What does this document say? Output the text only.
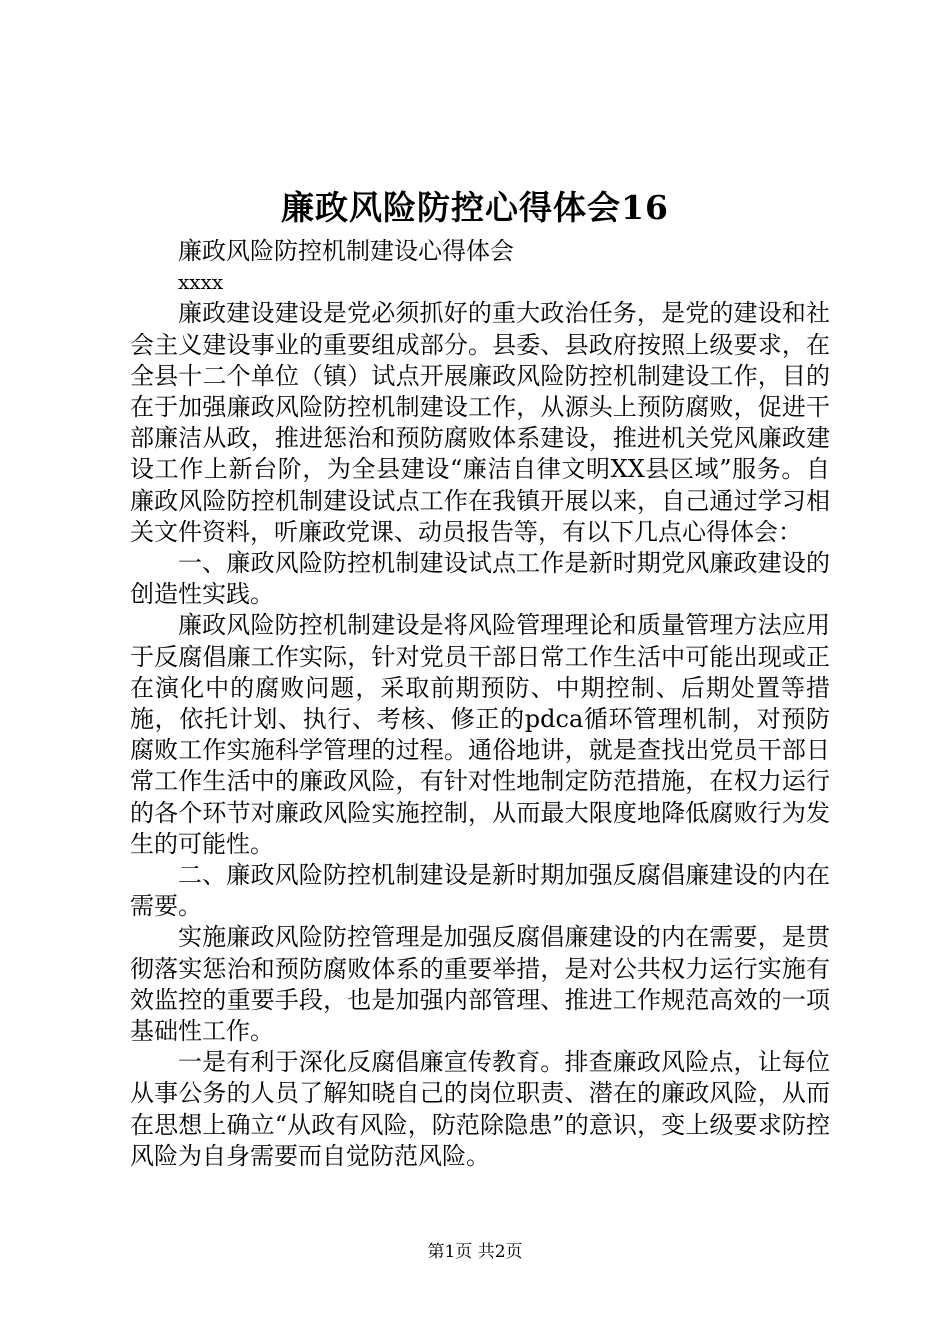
廉政风险防控心得体会16

廉政风险防控机制建设心得体会

xxxx

廉政建设建设是党必须抓好的重大政治任务，是党的建设和社会主义建设事业的重要组成部分。县委、县政府按照上级要求，在全县十二个单位（镇）试点开展廉政风险防控机制建设工作，目的在于加强廉政风险防控机制建设工作，从源头上预防腐败，促进干部廉洁从政，推进惩治和预防腐败体系建设，推进机关党风廉政建设工作上新台阶，为全县建设“廉洁自律文明XX县区域”服务。自廉政风险防控机制建设试点工作在我镇开展以来，自己通过学习相关文件资料，听廉政党课、动员报告等，有以下几点心得体会：

一、廉政风险防控机制建设试点工作是新时期党风廉政建设的创造性实践。

廉政风险防控机制建设是将风险管理理论和质量管理方法应用于反腐倡廉工作实际，针对党员干部日常工作生活中可能出现或正在演化中的腐败问题，采取前期预防、中期控制、后期处置等措施，依托计划、执行、考核、修正的pdca循环管理机制，对预防腐败工作实施科学管理的过程。通俗地讲，就是查找出党员干部日常工作生活中的廉政风险，有针对性地制定防范措施，在权力运行的各个环节对廉政风险实施控制，从而最大限度地降低腐败行为发生的可能性。

二、廉政风险防控机制建设是新时期加强反腐倡廉建设的内在需要。

实施廉政风险防控管理是加强反腐倡廉建设的内在需要，是贯彻落实惩治和预防腐败体系的重要举措，是对公共权力运行实施有效监控的重要手段，也是加强内部管理、推进工作规范高效的一项基础性工作。

一是有利于深化反腐倡廉宣传教育。排查廉政风险点，让每位从事公务的人员了解知晓自己的岗位职责、潜在的廉政风险，从而在思想上确立“从政有风险，防范除隐患”的意识，变上级要求防控风险为自身需要而自觉防范风险。

第1页 共2页
